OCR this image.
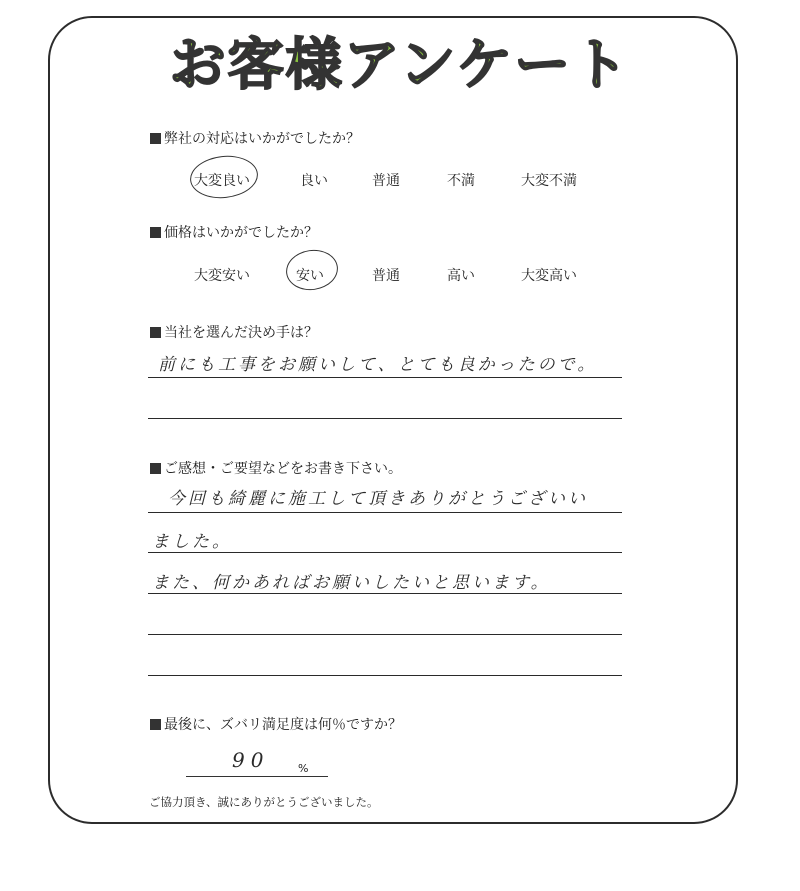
お客様アンケート
弊社の対応はいかがでしたか？
大変良い	良い	普通	不満	大変不満
価格はいかがでしたか？
大変安い	安い	普通	高い	大変高い
当社を選んだ決め手は？
前にも工事をお願いして、とても良かったので。
ご感想・ご要望などをお書き下さい。
今回も綺麗に施工して頂きありがとうございい
ました。
また、何かあればお願いしたいと思います。
最後に、ズバリ満足度は何％ですか？
90	%
ご協力頂き、誠にありがとうございました。
